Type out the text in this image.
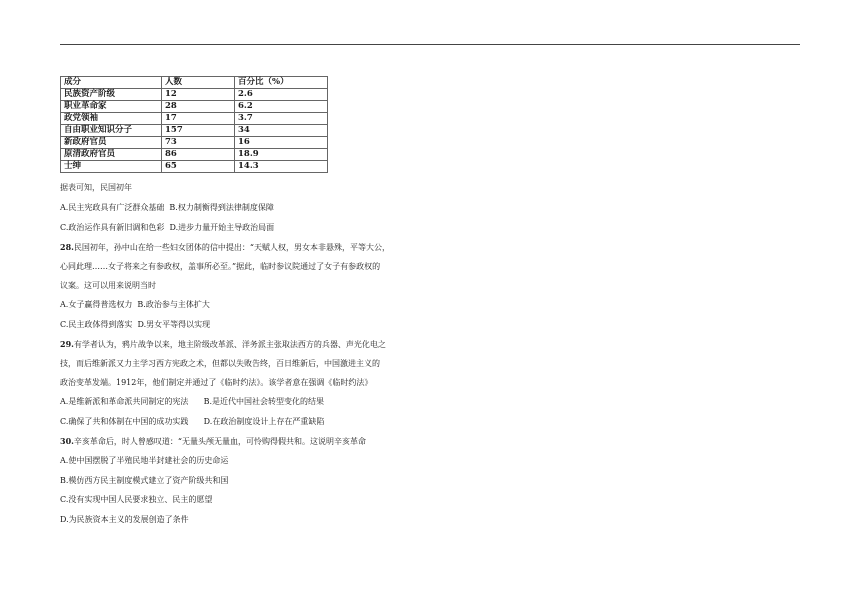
成分	人数	百分比（%）
民族资产阶级	12	2.6
职业革命家	28	6.2
政党领袖	17	3.7
自由职业知识分子	157	34
新政府官员	73	16
原清政府官员	86	18.9
士绅	65	14.3
据表可知，民国初年
A.民主宪政具有广泛群众基础 B.权力制衡得到法律制度保障
C.政治运作具有新旧调和色彩 D.进步力量开始主导政治局面
28.民国初年，孙中山在给一些妇女团体的信中提出：“天赋人权，男女本非悬殊，平等大公，
心同此理……女子将来之有参政权，盖事所必至。”据此，临时参议院通过了女子有参政权的
议案。这可以用来说明当时
A.女子赢得普选权力 B.政治参与主体扩大
C.民主政体得到落实 D.男女平等得以实现
29.有学者认为，鸦片战争以来，地主阶级改革派、洋务派主张取法西方的兵器、声光化电之
技，而后维新派又力主学习西方宪政之术，但都以失败告终，百日维新后，中国激进主义的
政治变革发端。1912年，他们制定并通过了《临时约法》。该学者意在强调《临时约法》
A.是维新派和革命派共同制定的宪法 B.是近代中国社会转型变化的结果
C.确保了共和体制在中国的成功实践 D.在政治制度设计上存在严重缺陷
30.辛亥革命后，时人曾感叹道：“无量头颅无量血，可怜购得假共和。这说明辛亥革命
A.使中国摆脱了半殖民地半封建社会的历史命运
B.模仿西方民主制度模式建立了资产阶级共和国
C.没有实现中国人民要求独立、民主的愿望
D.为民族资本主义的发展创造了条件
